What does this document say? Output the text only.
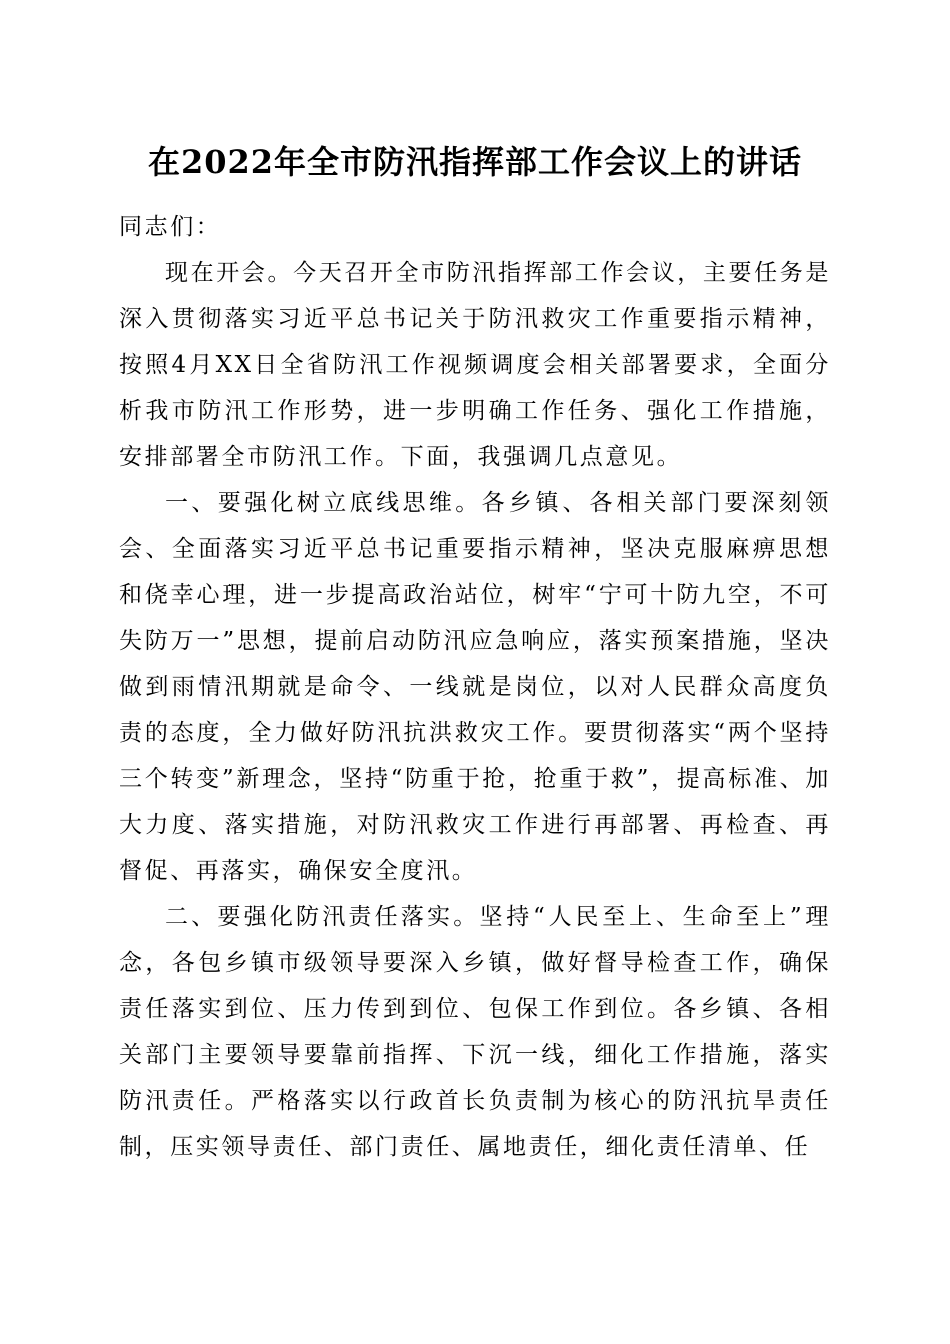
在2022年全市防汛指挥部工作会议上的讲话

同志们：

现在开会。今天召开全市防汛指挥部工作会议，主要任务是深入贯彻落实习近平总书记关于防汛救灾工作重要指示精神，按照4月XX日全省防汛工作视频调度会相关部署要求，全面分析我市防汛工作形势，进一步明确工作任务、强化工作措施，安排部署全市防汛工作。下面，我强调几点意见。

一、要强化树立底线思维。各乡镇、各相关部门要深刻领会、全面落实习近平总书记重要指示精神，坚决克服麻痹思想和侥幸心理，进一步提高政治站位，树牢“宁可十防九空，不可失防万一”思想，提前启动防汛应急响应，落实预案措施，坚决做到雨情汛期就是命令、一线就是岗位，以对人民群众高度负责的态度，全力做好防汛抗洪救灾工作。要贯彻落实“两个坚持三个转变”新理念，坚持“防重于抢，抢重于救”，提高标准、加大力度、落实措施，对防汛救灾工作进行再部署、再检查、再督促、再落实，确保安全度汛。

二、要强化防汛责任落实。坚持“人民至上、生命至上”理念，各包乡镇市级领导要深入乡镇，做好督导检查工作，确保责任落实到位、压力传到到位、包保工作到位。各乡镇、各相关部门主要领导要靠前指挥、下沉一线，细化工作措施，落实防汛责任。严格落实以行政首长负责制为核心的防汛抗旱责任制，压实领导责任、部门责任、属地责任，细化责任清单、任
